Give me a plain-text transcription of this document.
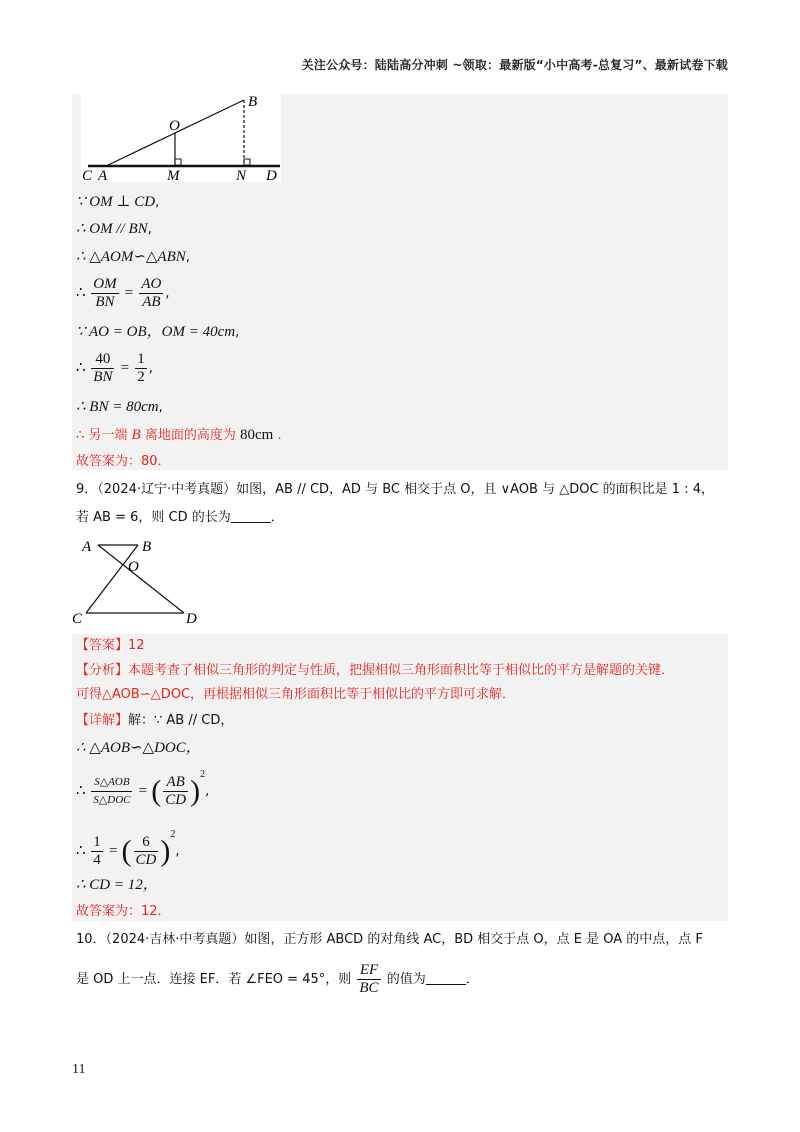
关注公众号：陆陆高分冲刺 ~领取：最新版“小中高考-总复习”、最新试卷下载
B
O
C A	M	N D
∵ OM ⊥ CD,
∴ OM // BN,
∴ △AOM∽△ABN,
∴ $\frac{OM}{BN} = \frac{AO}{AB}$ ,
∵ AO = OB，OM = 40cm,
∴ $\frac{40}{BN} = \frac{1}{2}$ ,
∴ BN = 80cm,
∴ 另一端 B 离地面的高度为 80cm .
故答案为：80．
9．（2024·辽宁·中考真题）如图，AB // CD，AD 与 BC 相交于点 O，且 ∨AOB 与 △DOC 的面积比是 1 : 4，
若 AB = 6，则 CD 的长为	．
A	B
O
C	D
【答案】12
【分析】本题考查了相似三角形的判定与性质，把握相似三角形面积比等于相似比的平方是解题的关键．
可得△AOB∽△DOC，再根据相似三角形面积比等于相似比的平方即可求解．
【详解】解：∵ AB // CD，
∴ △AOB∽△DOC，
∴ $\frac{\text{S△AOB}}{\text{S△DOC}}$ = ( $\frac{AB}{CD} )^2$,
∴ $\frac{1}{4}$ = ( $\frac{6}{CD} )^2$,
∴ CD = 12，
故答案为：12．
10．（2024·吉林·中考真题）如图，正方形 ABCD 的对角线 AC，BD 相交于点 O，点 E 是 OA 的中点，点 F
是 OD 上一点．连接 EF．若 ∠FEO = 45°，则 $\frac{EF}{BC}$ 的值为	．
11
